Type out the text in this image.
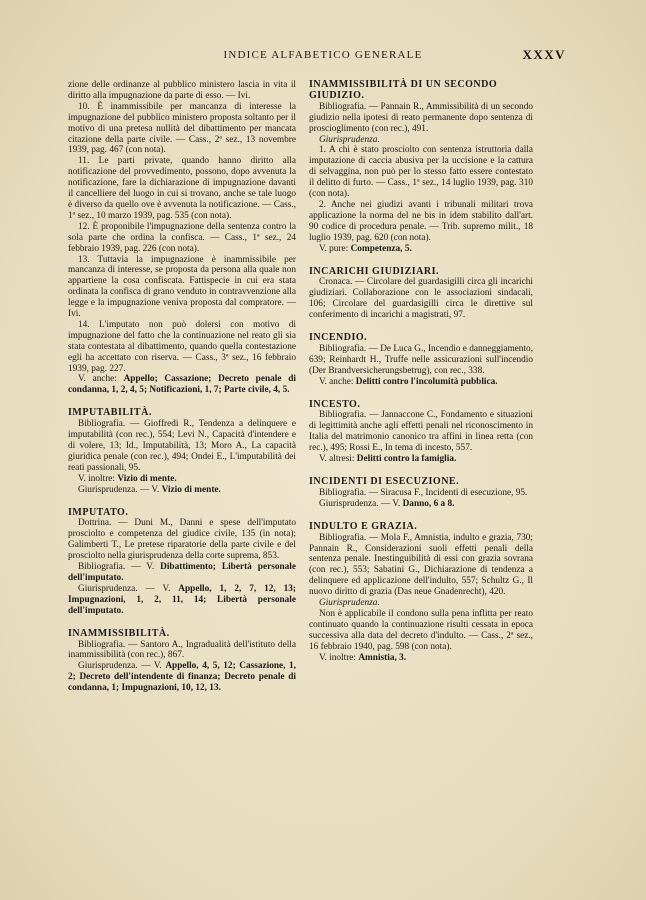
INDICE ALFABETICO GENERALE	XXXV

zione delle ordinanze al pubblico ministero lascia in vita il diritto alla impugnazione da parte di esso. — Ivi.

10. È inammissibile per mancanza di interesse la impugnazione del pubblico ministero proposta soltanto per il motivo di una pretesa nullità del dibattimento per mancata citazione della parte civile. — Cass., 2ª sez., 13 novembre 1939, pag. 467 (con nota).

11. Le parti private, quando hanno diritto alla notificazione del provvedimento, possono, dopo avvenuta la notificazione, fare la dichiarazione di impugnazione davanti il cancelliere del luogo in cui si trovano, anche se tale luogo è diverso da quello ove è avvenuta la notificazione. — Cass., 1ª sez., 10 marzo 1939, pag. 535 (con nota).

12. È proponibile l'impugnazione della sentenza contro la sola parte che ordina la confisca. — Cass., 1ª sez., 24 febbraio 1939, pag. 226 (con nota).

13. Tuttavia la impugnazione è inammissibile per mancanza di interesse, se proposta da persona alla quale non appartiene la cosa confiscata. Fattispecie in cui era stata ordinata la confisca di grano venduto in contravvenzione alla legge e la impugnazione veniva proposta dal compratore. — Ivi.

14. L'imputato non può dolersi con motivo di impugnazione del fatto che la continuazione nel reato gli sia stata contestata al dibattimento, quando quella contestazione egli ha accettato con riserva. — Cass., 3ª sez., 16 febbraio 1939, pag. 227.

V. anche: Appello; Cassazione; Decreto penale di condanna, 1, 2, 4, 5; Notificazioni, 1, 7; Parte civile, 4, 5.

IMPUTABILITÀ.

Bibliografia. — Gioffredi R., Tendenza a delinquere e imputabilità (con rec.), 554; Levi N., Capacità d'intendere e di volere, 13; Id., Imputabilità, 13; Moro A., La capacità giuridica penale (con rec.), 494; Ondei E., L'imputabilità dei reati passionali, 95.

V. inoltre: Vizio di mente.

Giurisprudenza. — V. Vizio di mente.

IMPUTATO.

Dottrina. — Duni M., Danni e spese dell'imputato prosciolto e competenza del giudice civile, 135 (in nota); Galimberti T., Le pretese riparatorie della parte civile e del prosciolto nella giurisprudenza della corte suprema, 853.

Bibliografia. — V. Dibattimento; Libertà personale dell'imputato.

Giurisprudenza. — V. Appello, 1, 2, 7, 12, 13; Impugnazioni, 1, 2, 11, 14; Libertà personale dell'imputato.

INAMMISSIBILITÀ.

Bibliografia. — Santoro A., Ingradualità dell'istituto della inammissibilità (con rec.), 867.

Giurisprudenza. — V. Appello, 4, 5, 12; Cassazione, 1, 2; Decreto dell'intendente di finanza; Decreto penale di condanna, 1; Impugnazioni, 10, 12, 13.

INAMMISSIBILITÀ DI UN SECONDO GIUDIZIO.

Bibliografia. — Pannain R., Ammissibilità di un secondo giudizio nella ipotesi di reato permanente dopo sentenza di proscioglimento (con rec.), 491.

Giurisprudenza.

1. A chi è stato prosciolto con sentenza istruttoria dalla imputazione di caccia abusiva per la uccisione e la cattura di selvaggina, non può per lo stesso fatto essere contestato il delitto di furto. — Cass., 1ª sez., 14 luglio 1939, pag. 310 (con nota).

2. Anche nei giudizi avanti i tribunali militari trova applicazione la norma del ne bis in idem stabilito dall'art. 90 codice di procedura penale. — Trib. supremo milit., 18 luglio 1939, pag. 620 (con nota).

V. pure: Competenza, 5.

INCARICHI GIUDIZIARI.

Cronaca. — Circolare del guardasigilli circa gli incarichi giudiziari. Collaborazione con le associazioni sindacali, 106; Circolare del guardasigilli circa le direttive sul conferimento di incarichi a magistrati, 97.

INCENDIO.

Bibliografia. — De Luca G., Incendio e danneggiamento, 639; Reinhardt H., Truffe nelle assicurazioni sull'incendio (Der Brandversicherungsbetrug), con rec., 338.

V. anche: Delitti contro l'incolumità pubblica.

INCESTO.

Bibliografia. — Jannaccone C., Fondamento e situazioni di legittimità anche agli effetti penali nel riconoscimento in Italia del matrimonio canonico tra affini in linea retta (con rec.), 495; Rossi E., In tema di incesto, 557.

V. altresì: Delitti contro la famiglia.

INCIDENTI DI ESECUZIONE.

Bibliografia. — Siracusa F., Incidenti di esecuzione, 95.

Giurisprudenza. — V. Danno, 6 a 8.

INDULTO E GRAZIA.

Bibliografia. — Mola F., Amnistia, indulto e grazia, 730; Pannain R., Considerazioni suoli effetti penali della sentenza penale. Inestinguibilità di essi con grazia sovrana (con rec.), 553; Sabatini G., Dichiarazione di tendenza a delinquere ed applicazione dell'indulto, 557; Schultz G., Il nuovo diritto di grazia (Das neue Gnadenrecht), 420.

Giurisprudenza.

Non è applicabile il condono sulla pena inflitta per reato continuato quando la continuazione risulti cessata in epoca successiva alla data del decreto d'indulto. — Cass., 2ª sez., 16 febbraio 1940, pag. 598 (con nota).

V. inoltre: Amnistia, 3.
